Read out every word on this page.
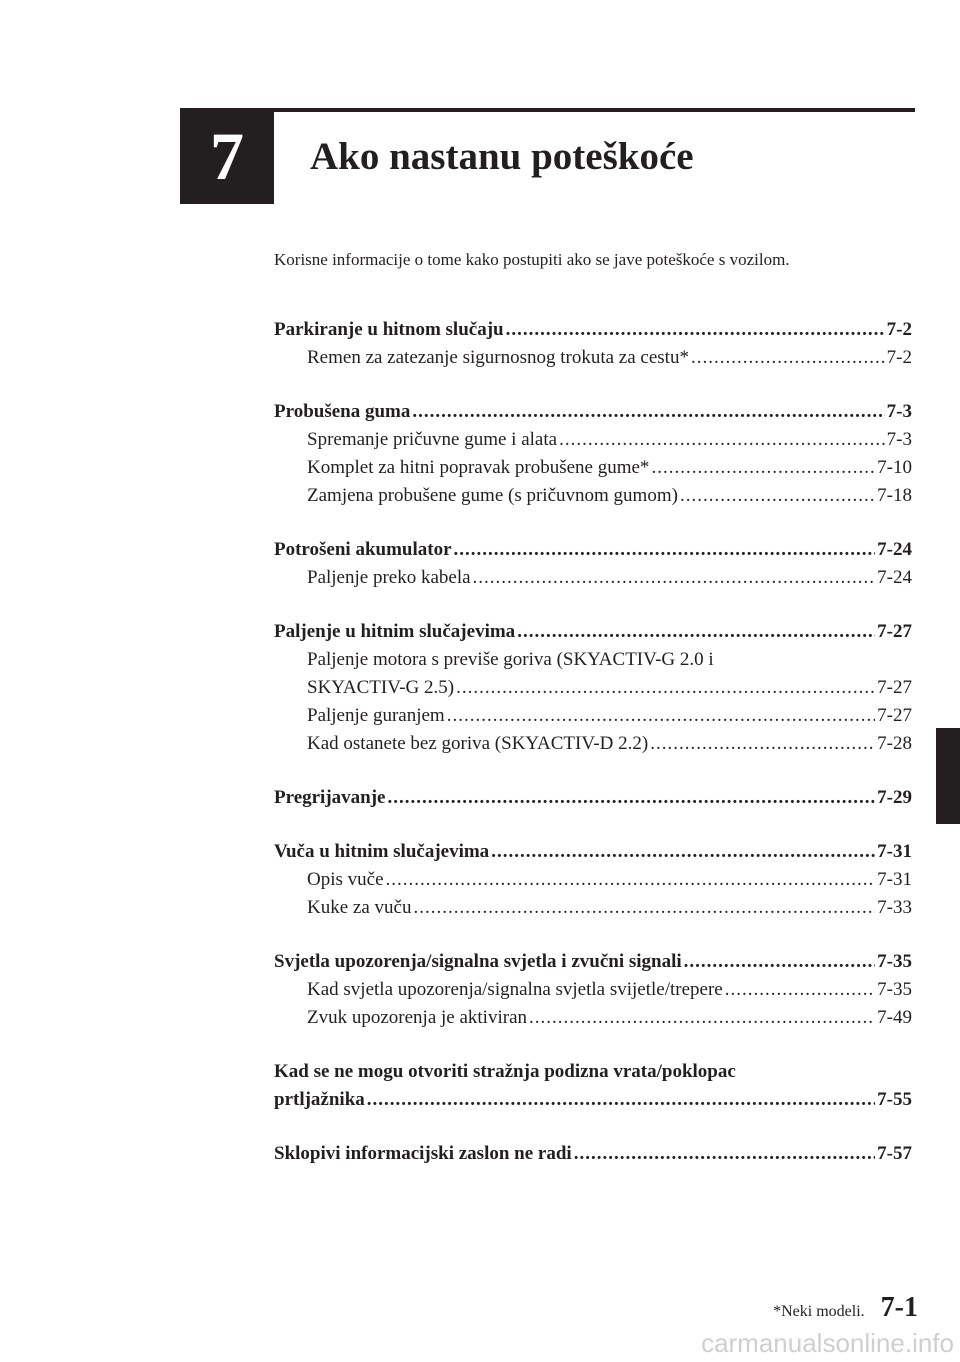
7	Ako nastanu poteškoće
Korisne informacije o tome kako postupiti ako se jave poteškoće s vozilom.
Parkiranje u hitnom slučaju .....	7-2
Remen za zatezanje sigurnosnog trokuta za cestu* .....	7-2
Probušena guma .....	7-3
Spremanje pričuvne gume i alata .....	7-3
Komplet za hitni popravak probušene gume* .....	7-10
Zamjena probušene gume (s pričuvnom gumom) .....	7-18
Potrošeni akumulator .....	7-24
Paljenje preko kabela .....	7-24
Paljenje u hitnim slučajevima .....	7-27
Paljenje motora s previše goriva (SKYACTIV-G 2.0 i
SKYACTIV-G 2.5) .....	7-27
Paljenje guranjem .....	7-27
Kad ostanete bez goriva (SKYACTIV-D 2.2) .....	7-28
Pregrijavanje .....	7-29
Vuča u hitnim slučajevima .....	7-31
Opis vuče .....	7-31
Kuke za vuču .....	7-33
Svjetla upozorenja/signalna svjetla i zvučni signali .....	7-35
Kad svjetla upozorenja/signalna svjetla svijetle/trepere .....	7-35
Zvuk upozorenja je aktiviran .....	7-49
Kad se ne mogu otvoriti stražnja podizna vrata/poklopac
prtljažnika .....	7-55
Sklopivi informacijski zaslon ne radi .....	7-57
*Neki modeli. 7-1
carmanualsonline.info
